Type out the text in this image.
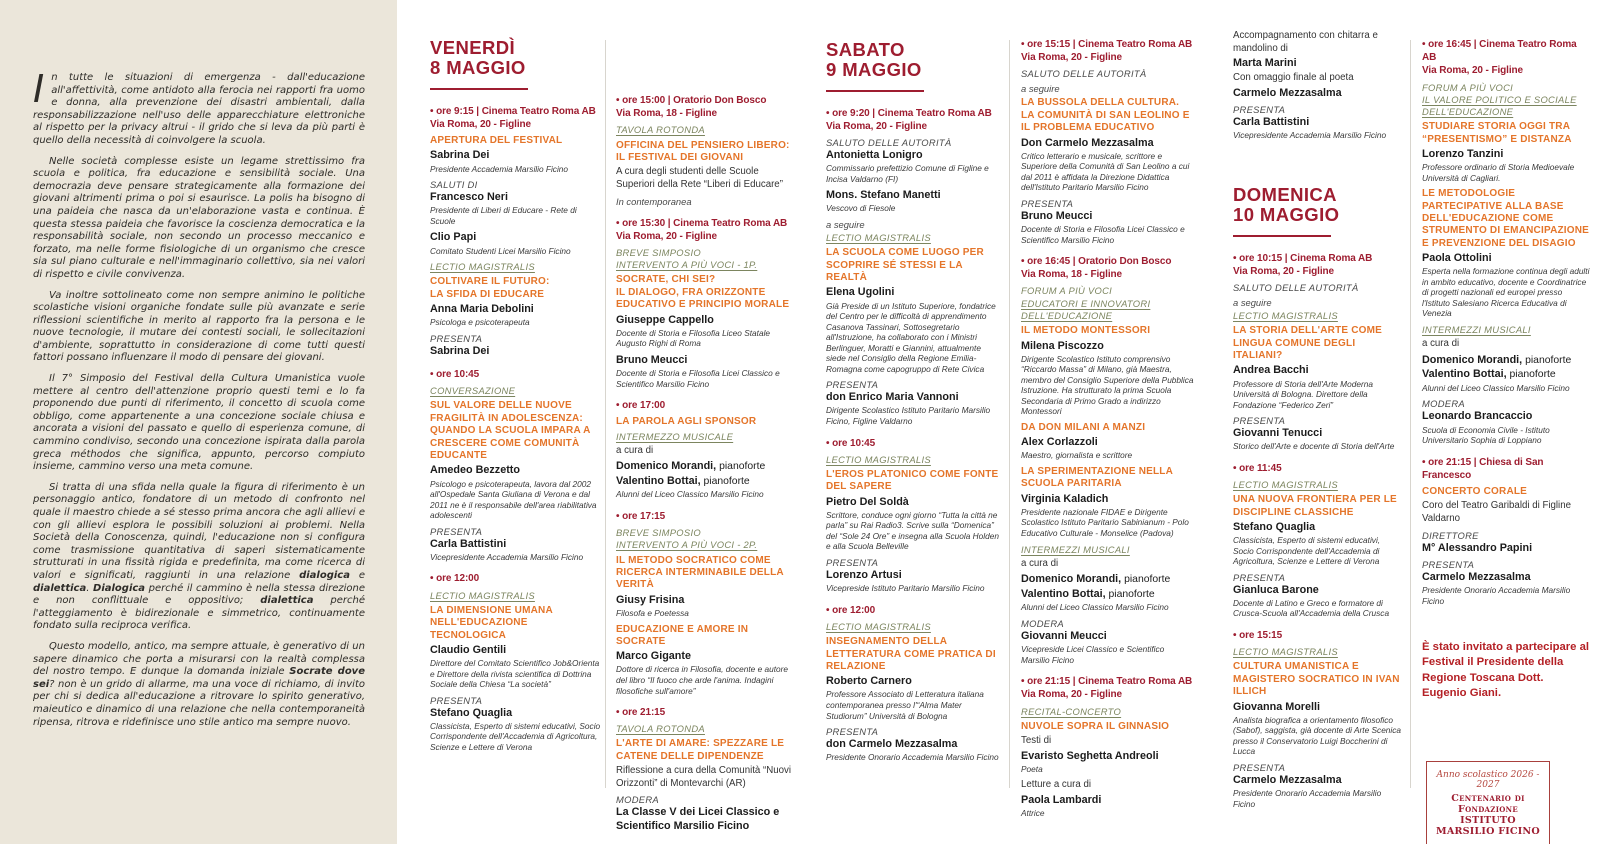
In tutte le situazioni di emergenza - dall'educazione all'affettività, come antidoto alla ferocia nei rapporti fra uomo e donna, alla prevenzione dei disastri ambientali, dalla responsabilizzazione nell'uso delle apparecchiature elettroniche al rispetto per la privacy altrui - il grido che si leva da più parti è quello della necessità di coinvolgere la scuola.

Nelle società complesse esiste un legame strettissimo fra scuola e politica, fra educazione e sensibilità sociale. Una democrazia deve pensare strategicamente alla formazione dei giovani altrimenti prima o poi si esaurisce. La polis ha bisogno di una paideia che nasca da un'elaborazione vasta e continua. È questa stessa paideia che favorisce la coscienza democratica e la responsabilità sociale, non secondo un processo meccanico e forzato, ma nelle forme fisiologiche di un organismo che cresce sia sul piano culturale e nell'immaginario collettivo, sia nei valori di rispetto e civile convivenza.

Va inoltre sottolineato come non sempre animino le politiche scolastiche visioni organiche fondate sulle più avanzate e serie riflessioni scientifiche in merito al rapporto fra la persona e le nuove tecnologie, il mutare dei contesti sociali, le sollecitazioni d'ambiente, soprattutto in considerazione di come tutti questi fattori possano influenzare il modo di pensare dei giovani.

Il 7° Simposio del Festival della Cultura Umanistica vuole mettere al centro dell'attenzione proprio questi temi e lo fa proponendo due punti di riferimento, il concetto di scuola come obbligo, come appartenente a una concezione sociale chiusa e ancorata a visioni del passato e quello di esperienza comune, di cammino condiviso, secondo una concezione ispirata dalla parola greca méthodos che significa, appunto, percorso compiuto insieme, cammino verso una meta comune.

Si tratta di una sfida nella quale la figura di riferimento è un personaggio antico, fondatore di un metodo di confronto nel quale il maestro chiede a sé stesso prima ancora che agli allievi e con gli allievi esplora le possibili soluzioni ai problemi. Nella Società della Conoscenza, quindi, l'educazione non si configura come trasmissione quantitativa di saperi sistematicamente strutturati in una fissità rigida e predefinita, ma come ricerca di valori e significati, raggiunti in una relazione dialogica e dialettica. Dialogica perché il cammino è nella stessa direzione e non conflittuale e oppositivo; dialettica perché l'atteggiamento è bidirezionale e simmetrico, continuamente fondato sulla reciproca verifica.

Questo modello, antico, ma sempre attuale, è generativo di un sapere dinamico che porta a misurarsi con la realtà complessa del nostro tempo. E dunque la domanda iniziale Socrate dove sei? non è un grido di allarme, ma una voce di richiamo, di invito per chi si dedica all'educazione a ritrovare lo spirito generativo, maieutico e dinamico di una relazione che nella contemporaneità ripensa, ritrova e ridefinisce uno stile antico ma sempre nuovo.

VENERDÌ
8 MAGGIO
• ore 9:15 | Cinema Teatro Roma AB
Via Roma, 20 - Figline
APERTURA DEL FESTIVAL
Sabrina Dei
Presidente Accademia Marsilio Ficino
SALUTI DI
Francesco Neri
Presidente di Liberi di Educare - Rete di Scuole
Clio Papi
Comitato Studenti Licei Marsilio Ficino
LECTIO MAGISTRALIS
COLTIVARE IL FUTURO:
LA SFIDA DI EDUCARE
Anna Maria Debolini
Psicologa e psicoterapeuta
PRESENTA
Sabrina Dei
• ore 10:45
CONVERSAZIONE
SUL VALORE DELLE NUOVE FRAGILITÀ IN ADOLESCENZA: QUANDO LA SCUOLA IMPARA A CRESCERE COME COMUNITÀ EDUCANTE
Amedeo Bezzetto
Psicologo e psicoterapeuta, lavora dal 2002 all'Ospedale Santa Giuliana di Verona e dal 2011 ne è il responsabile dell'area riabilitativa adolescenti
PRESENTA
Carla Battistini
Vicepresidente Accademia Marsilio Ficino
• ore 12:00
LECTIO MAGISTRALIS
LA DIMENSIONE UMANA NELL'EDUCAZIONE TECNOLOGICA
Claudio Gentili
Direttore del Comitato Scientifico Job&Orienta e Direttore della rivista scientifica di Dottrina Sociale della Chiesa “La società”
PRESENTA
Stefano Quaglia
Classicista, Esperto di sistemi educativi, Socio Corrispondente dell'Accademia di Agricoltura, Scienze e Lettere di Verona
• ore 15:00 | Oratorio Don Bosco
Via Roma, 18 - Figline
TAVOLA ROTONDA
OFFICINA DEL PENSIERO LIBERO: IL FESTIVAL DEI GIOVANI
A cura degli studenti delle Scuole Superiori della Rete “Liberi di Educare”
In contemporanea
• ore 15:30 | Cinema Teatro Roma AB
Via Roma, 20 - Figline
BREVE SIMPOSIO
INTERVENTO A PIÙ VOCI - 1P.
SOCRATE, CHI SEI?
IL DIALOGO, FRA ORIZZONTE EDUCATIVO E PRINCIPIO MORALE
Giuseppe Cappello
Docente di Storia e Filosofia Liceo Statale Augusto Righi di Roma
Bruno Meucci
Docente di Storia e Filosofia Licei Classico e Scientifico Marsilio Ficino
• ore 17:00
LA PAROLA AGLI SPONSOR
INTERMEZZO MUSICALE
a cura di
Domenico Morandi, pianoforte
Valentino Bottai, pianoforte
Alunni del Liceo Classico Marsilio Ficino
• ore 17:15
BREVE SIMPOSIO
INTERVENTO A PIÙ VOCI - 2P.
IL METODO SOCRATICO COME RICERCA INTERMINABILE DELLA VERITÀ
Giusy Frisina
Filosofa e Poetessa
EDUCAZIONE E AMORE IN SOCRATE
Marco Gigante
Dottore di ricerca in Filosofia, docente e autore del libro “Il fuoco che arde l'anima. Indagini filosofiche sull'amore”
• ore 21:15
TAVOLA ROTONDA
L'ARTE DI AMARE: SPEZZARE LE CATENE DELLE DIPENDENZE
Riflessione a cura della Comunità “Nuovi Orizzonti” di Montevarchi (AR)
MODERA
La Classe V dei Licei Classico e Scientifico Marsilio Ficino
SABATO
9 MAGGIO
• ore 9:20 | Cinema Teatro Roma AB
Via Roma, 20 - Figline
SALUTO DELLE AUTORITÀ
Antonietta Lonigro
Commissario prefettizio Comune di Figline e Incisa Valdarno (FI)
Mons. Stefano Manetti
Vescovo di Fiesole
a seguire
LECTIO MAGISTRALIS
LA SCUOLA COME LUOGO PER SCOPRIRE SÉ STESSI E LA REALTÀ
Elena Ugolini
Già Preside di un Istituto Superiore, fondatrice del Centro per le difficoltà di apprendimento Casanova Tassinari, Sottosegretario all'Istruzione, ha collaborato con i Ministri Berlinguer, Moratti e Giannini, attualmente siede nel Consiglio della Regione Emilia-Romagna come capogruppo di Rete Civica
PRESENTA
don Enrico Maria Vannoni
Dirigente Scolastico Istituto Paritario Marsilio Ficino, Figline Valdarno
• ore 10:45
LECTIO MAGISTRALIS
L'EROS PLATONICO COME FONTE DEL SAPERE
Pietro Del Soldà
Scrittore, conduce ogni giorno “Tutta la città ne parla” su Rai Radio3. Scrive sulla “Domenica” del “Sole 24 Ore” e insegna alla Scuola Holden e alla Scuola Belleville
PRESENTA
Lorenzo Artusi
Vicepreside Istituto Paritario Marsilio Ficino
• ore 12:00
LECTIO MAGISTRALIS
INSEGNAMENTO DELLA LETTERATURA COME PRATICA DI RELAZIONE
Roberto Carnero
Professore Associato di Letteratura italiana contemporanea presso l'“Alma Mater Studiorum” Università di Bologna
PRESENTA
don Carmelo Mezzasalma
Presidente Onorario Accademia Marsilio Ficino
• ore 15:15 | Cinema Teatro Roma AB
Via Roma, 20 - Figline
SALUTO DELLE AUTORITÀ
a seguire
LA BUSSOLA DELLA CULTURA. LA COMUNITÀ DI SAN LEOLINO E IL PROBLEMA EDUCATIVO
Don Carmelo Mezzasalma
Critico letterario e musicale, scrittore e Superiore della Comunità di San Leolino a cui dal 2011 è affidata la Direzione Didattica dell'Istituto Paritario Marsilio Ficino
PRESENTA
Bruno Meucci
Docente di Storia e Filosofia Licei Classico e Scientifico Marsilio Ficino
• ore 16:45 | Oratorio Don Bosco
Via Roma, 18 - Figline
FORUM A PIÙ VOCI
EDUCATORI E INNOVATORI DELL'EDUCAZIONE
IL METODO MONTESSORI
Milena Piscozzo
Dirigente Scolastico Istituto comprensivo “Riccardo Massa” di Milano, già Maestra, membro del Consiglio Superiore della Pubblica Istruzione. Ha strutturato la prima Scuola Secondaria di Primo Grado a indirizzo Montessori
DA DON MILANI A MANZI
Alex Corlazzoli
Maestro, giornalista e scrittore
LA SPERIMENTAZIONE NELLA SCUOLA PARITARIA
Virginia Kaladich
Presidente nazionale FIDAE e Dirigente Scolastico Istituto Paritario Sabinianum - Polo Educativo Culturale - Monselice (Padova)
INTERMEZZI MUSICALI
a cura di
Domenico Morandi, pianoforte
Valentino Bottai, pianoforte
Alunni del Liceo Classico Marsilio Ficino
MODERA
Giovanni Meucci
Vicepreside Licei Classico e Scientifico Marsilio Ficino
• ore 21:15 | Cinema Teatro Roma AB
Via Roma, 20 - Figline
RECITAL-CONCERTO
NUVOLE SOPRA IL GINNASIO
Testi di
Evaristo Seghetta Andreoli
Poeta
Letture a cura di
Paola Lambardi
Attrice
Accompagnamento con chitarra e mandolino di
Marta Marini
Con omaggio finale al poeta
Carmelo Mezzasalma
PRESENTA
Carla Battistini
Vicepresidente Accademia Marsilio Ficino
DOMENICA
10 MAGGIO
• ore 10:15 | Cinema Roma AB
Via Roma, 20 - Figline
SALUTO DELLE AUTORITÀ
a seguire
LECTIO MAGISTRALIS
LA STORIA DELL'ARTE COME LINGUA COMUNE DEGLI ITALIANI?
Andrea Bacchi
Professore di Storia dell'Arte Moderna Università di Bologna. Direttore della Fondazione “Federico Zeri”
PRESENTA
Giovanni Tenucci
Storico dell'Arte e docente di Storia dell'Arte
• ore 11:45
LECTIO MAGISTRALIS
UNA NUOVA FRONTIERA PER LE DISCIPLINE CLASSICHE
Stefano Quaglia
Classicista, Esperto di sistemi educativi, Socio Corrispondente dell'Accademia di Agricoltura, Scienze e Lettere di Verona
PRESENTA
Gianluca Barone
Docente di Latino e Greco e formatore di Crusca-Scuola all'Accademia della Crusca
• ore 15:15
LECTIO MAGISTRALIS
CULTURA UMANISTICA E MAGISTERO SOCRATICO IN IVAN ILLICH
Giovanna Morelli
Analista biografica a orientamento filosofico (Sabof), saggista, già docente di Arte Scenica presso il Conservatorio Luigi Boccherini di Lucca
PRESENTA
Carmelo Mezzasalma
Presidente Onorario Accademia Marsilio Ficino
• ore 16:45 | Cinema Teatro Roma AB
Via Roma, 20 - Figline
FORUM A PIÙ VOCI
IL VALORE POLITICO E SOCIALE DELL'EDUCAZIONE
STUDIARE STORIA OGGI TRA “PRESENTISMO” E DISTANZA
Lorenzo Tanzini
Professore ordinario di Storia Medioevale Università di Cagliari.
LE METODOLOGIE PARTECIPATIVE ALLA BASE DELL'EDUCAZIONE COME STRUMENTO DI EMANCIPAZIONE E PREVENZIONE DEL DISAGIO
Paola Ottolini
Esperta nella formazione continua degli adulti in ambito educativo, docente e Coordinatrice di progetti nazionali ed europei presso l'Istituto Salesiano Ricerca Educativa di Venezia
INTERMEZZI MUSICALI
a cura di
Domenico Morandi, pianoforte
Valentino Bottai, pianoforte
Alunni del Liceo Classico Marsilio Ficino
MODERA
Leonardo Brancaccio
Scuola di Economia Civile - Istituto Universitario Sophia di Loppiano
• ore 21:15 | Chiesa di San Francesco
CONCERTO CORALE
Coro del Teatro Garibaldi di Figline Valdarno
DIRETTORE
M° Alessandro Papini
PRESENTA
Carmelo Mezzasalma
Presidente Onorario Accademia Marsilio Ficino
È stato invitato a partecipare al Festival il Presidente della Regione Toscana Dott. Eugenio Giani.
Anno scolastico 2026 - 2027
Centenario di Fondazione
ISTITUTO MARSILIO FICINO
